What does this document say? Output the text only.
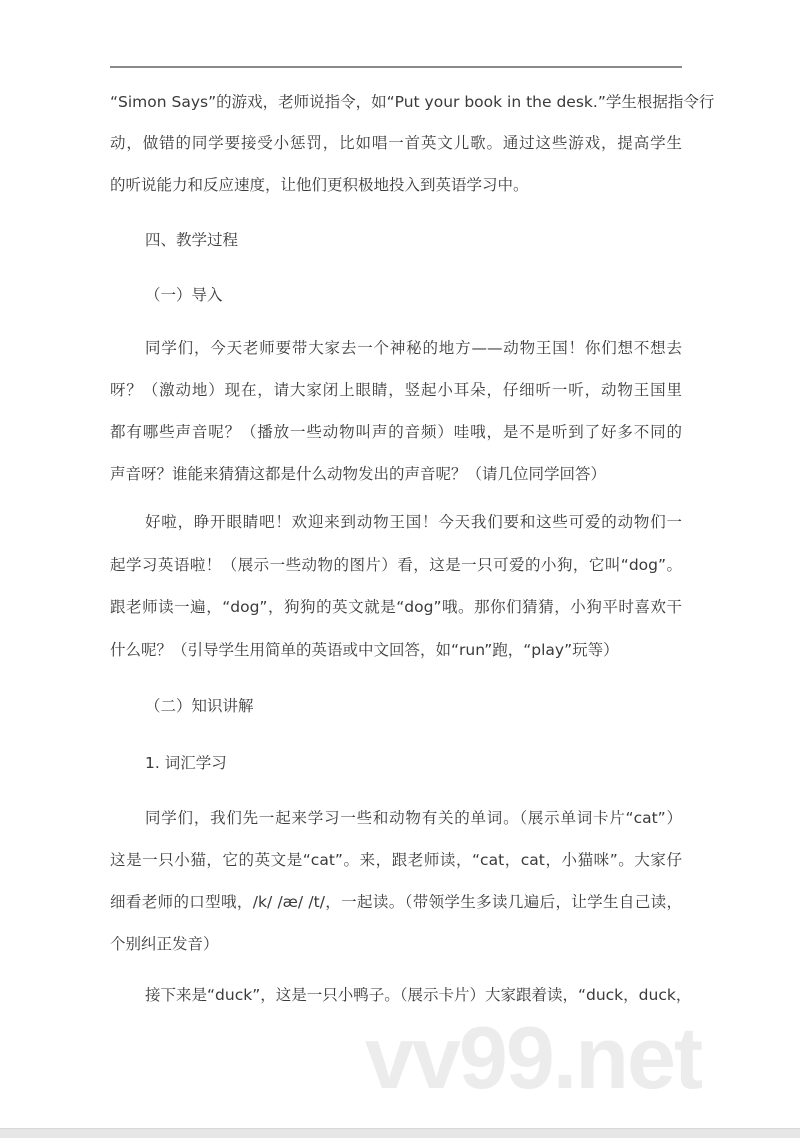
“Simon Says”的游戏，老师说指令，如“Put your book in the desk.”学生根据指令行
动，做错的同学要接受小惩罚，比如唱一首英文儿歌。通过这些游戏，提高学生
的听说能力和反应速度，让他们更积极地投入到英语学习中。
四、教学过程
（一）导入
同学们，今天老师要带大家去一个神秘的地方——动物王国！你们想不想去
呀？（激动地）现在，请大家闭上眼睛，竖起小耳朵，仔细听一听，动物王国里
都有哪些声音呢？（播放一些动物叫声的音频）哇哦，是不是听到了好多不同的
声音呀？谁能来猜猜这都是什么动物发出的声音呢？（请几位同学回答）
好啦，睁开眼睛吧！欢迎来到动物王国！今天我们要和这些可爱的动物们一
起学习英语啦！（展示一些动物的图片）看，这是一只可爱的小狗，它叫“dog”。
跟老师读一遍，“dog”，狗狗的英文就是“dog”哦。那你们猜猜，小狗平时喜欢干
什么呢？（引导学生用简单的英语或中文回答，如“run”跑，“play”玩等）
（二）知识讲解
1. 词汇学习
同学们，我们先一起来学习一些和动物有关的单词。（展示单词卡片“cat”）
这是一只小猫，它的英文是“cat”。来，跟老师读，“cat，cat，小猫咪”。大家仔
细看老师的口型哦，/k/ /æ/ /t/，一起读。（带领学生多读几遍后，让学生自己读，
个别纠正发音）
接下来是“duck”，这是一只小鸭子。（展示卡片）大家跟着读，“duck，duck，
vv99.net
